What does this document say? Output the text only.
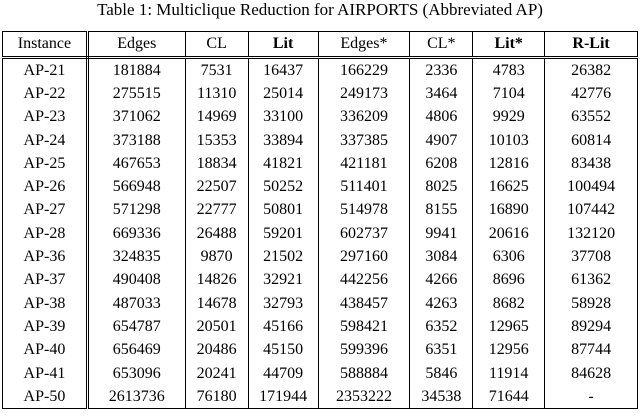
Table 1: Multiclique Reduction for AIRPORTS (Abbreviated AP)
Instance	Edges	CL	Lit	Edges*	CL*	Lit*	R-Lit
AP-21	181884	7531	16437	166229	2336	4783	26382
AP-22	275515	11310	25014	249173	3464	7104	42776
AP-23	371062	14969	33100	336209	4806	9929	63552
AP-24	373188	15353	33894	337385	4907	10103	60814
AP-25	467653	18834	41821	421181	6208	12816	83438
AP-26	566948	22507	50252	511401	8025	16625	100494
AP-27	571298	22777	50801	514978	8155	16890	107442
AP-28	669336	26488	59201	602737	9941	20616	132120
AP-36	324835	9870	21502	297160	3084	6306	37708
AP-37	490408	14826	32921	442256	4266	8696	61362
AP-38	487033	14678	32793	438457	4263	8682	58928
AP-39	654787	20501	45166	598421	6352	12965	89294
AP-40	656469	20486	45150	599396	6351	12956	87744
AP-41	653096	20241	44709	588884	5846	11914	84628
AP-50	2613736	76180	171944	2353222	34538	71644	-
